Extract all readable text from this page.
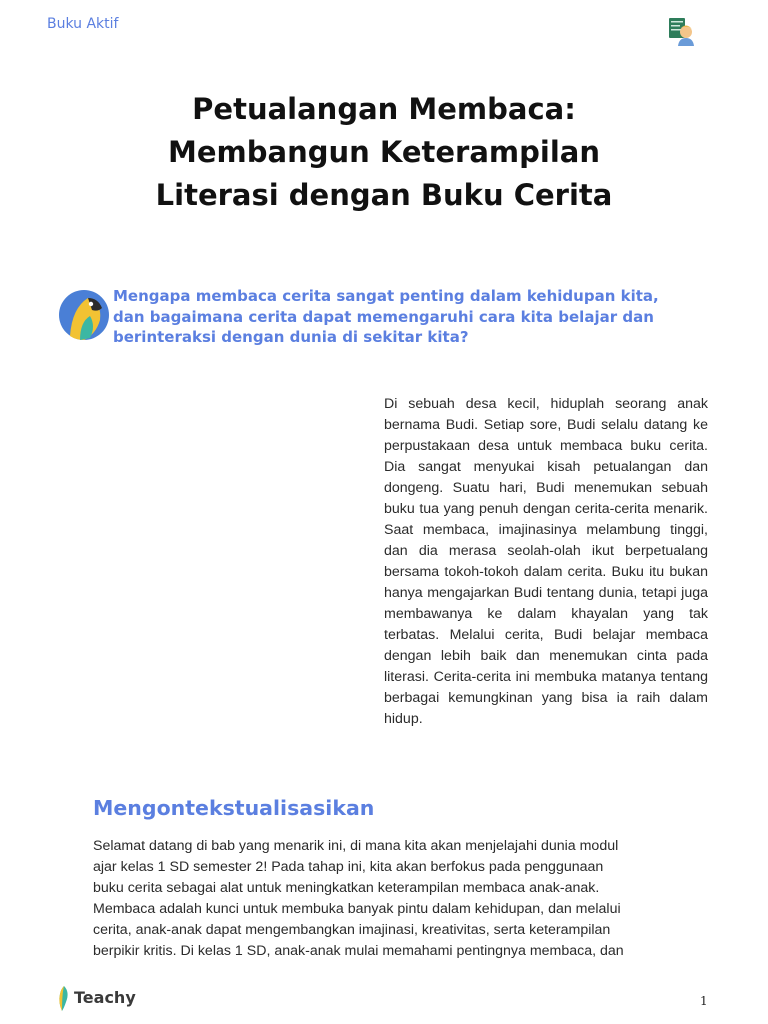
Buku Aktif
Petualangan Membaca: Membangun Keterampilan Literasi dengan Buku Cerita
Mengapa membaca cerita sangat penting dalam kehidupan kita, dan bagaimana cerita dapat memengaruhi cara kita belajar dan berinteraksi dengan dunia di sekitar kita?
Di sebuah desa kecil, hiduplah seorang anak bernama Budi. Setiap sore, Budi selalu datang ke perpustakaan desa untuk membaca buku cerita. Dia sangat menyukai kisah petualangan dan dongeng. Suatu hari, Budi menemukan sebuah buku tua yang penuh dengan cerita-cerita menarik. Saat membaca, imajinasinya melambung tinggi, dan dia merasa seolah-olah ikut berpetualang bersama tokoh-tokoh dalam cerita. Buku itu bukan hanya mengajarkan Budi tentang dunia, tetapi juga membawanya ke dalam khayalan yang tak terbatas. Melalui cerita, Budi belajar membaca dengan lebih baik dan menemukan cinta pada literasi. Cerita-cerita ini membuka matanya tentang berbagai kemungkinan yang bisa ia raih dalam hidup.
Mengontekstualisasikan
Selamat datang di bab yang menarik ini, di mana kita akan menjelajahi dunia modul
ajar kelas 1 SD semester 2! Pada tahap ini, kita akan berfokus pada penggunaan
buku cerita sebagai alat untuk meningkatkan keterampilan membaca anak-anak.
Membaca adalah kunci untuk membuka banyak pintu dalam kehidupan, dan melalui
cerita, anak-anak dapat mengembangkan imajinasi, kreativitas, serta keterampilan
berpikir kritis. Di kelas 1 SD, anak-anak mulai memahami pentingnya membaca, dan
Teachy	1
